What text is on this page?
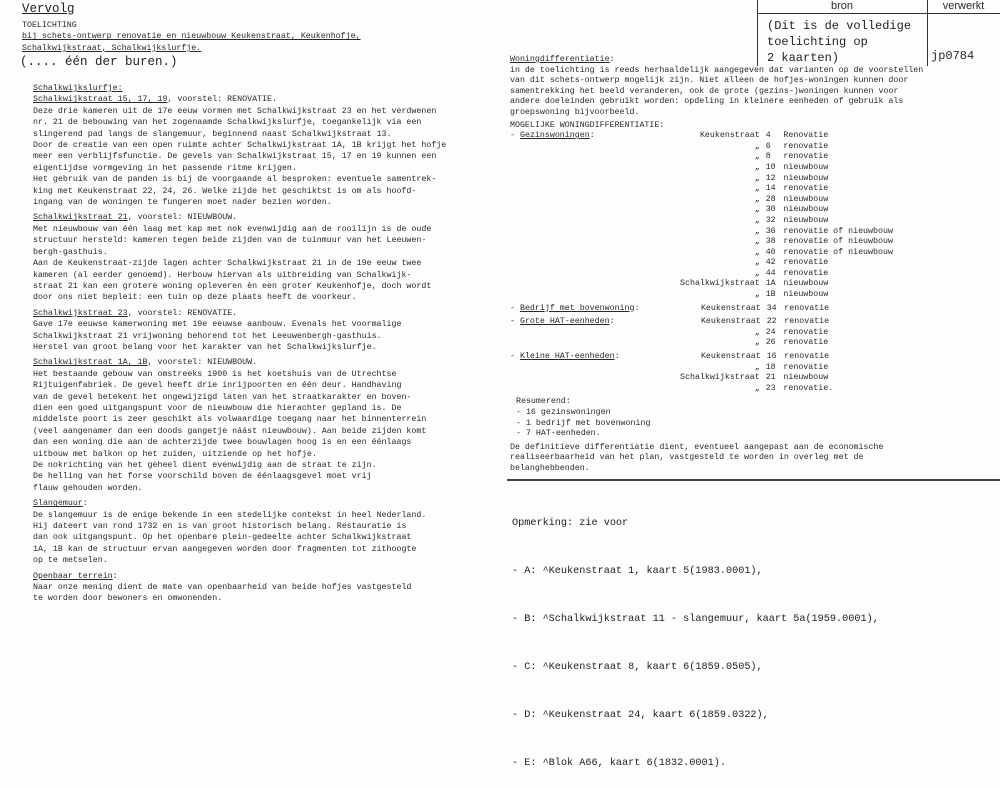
Vervolg
TOELICHTING
bij schets-ontwerp renovatie en nieuwbouw Keukenstraat, Keukenhofje,
Schalkwijkstraat, Schalkwijkslurfje.
(.... één der buren.)
bron	verwerkt
(Dit is de volledige
toelichting op
2 kaarten)	jp0784
Schalkwijkslurfje:
Schalkwijkstraat 15, 17, 19, voorstel: RENOVATIE.
Deze drie kameren uit de 17e eeuw vormen met Schalkwijkstraat 23 en het verdwenen
nr. 21 de bebouwing van het zogenaamde Schalkwijkslurfje, toegankelijk via een
slingerend pad langs de slangemuur, beginnend naast Schalkwijkstraat 13.
Door de creatie van een open ruimte achter Schalkwijkstraat 1A, 1B krijgt het hofje
meer een verblijfsfunctie. De gevels van Schalkwijkstraat 15, 17 en 19 kunnen een
eigentijdse vormgeving in het passende ritme krijgen.
Het gebruik van de panden is bij de voorgaande al besproken: eventuele samentrek-
king met Keukenstraat 22, 24, 26. Welke zijde het geschiktst is om als hoofd-
ingang van de woningen te fungeren moet nader bezien worden.
Schalkwijkstraat 21, voorstel: NIEUWBOUW.
Met nieuwbouw van één laag met kap met nok evenwijdig aan de rooilijn is de oude
structuur hersteld: kameren tegen beide zijden van de tuinmuur van het Leeuwen-
bergh-gasthuis.
Aan de Keukenstraat-zijde lagen achter Schalkwijkstraat 21 in de 19e eeuw twee
kameren (al eerder genoemd). Herbouw hiervan als uitbreiding van Schalkwijk-
straat 21 kan een grotere woning opleveren èn een groter Keukenhofje, doch wordt
door ons niet bepleit: een tuin op deze plaats heeft de voorkeur.
Schalkwijkstraat 23, voorstel: RENOVATIE.
Gave 17e eeuwse kamerwoning met 19e eeuwse aanbouw. Evenals het voormalige
Schalkwijkstraat 21 vrijwoning behorend tot het Leeuwenbergh-gasthuis.
Herstel van groot belang voor het karakter van het Schalkwijkslurfje.
Schalkwijkstraat 1A, 1B, voorstel: NIEUWBOUW.
Het bestaande gebouw van omstreeks 1900 is het koetshuis van de Utrechtse
Rijtuigenfabriek. De gevel heeft drie inrijpoorten en één deur. Handhaving
van de gevel betekent het ongewijzigd laten van het straatkarakter en boven-
dien een goed uitgangspunt voor de nieuwbouw die hierachter gepland is. De
middelste poort is zeer geschikt als volwaardige toegang naar het binnenterrein
(veel aangenamer dan een doods gangetje náást nieuwbouw). Aan beide zijden komt
dan een woning die aan de achterzijde twee bouwlagen hoog is en een éénlaags
uitbouw met balkon op het zuiden, uitziende op het hofje.
De nokrichting van het geheel dient evenwijdig aan de straat te zijn.
De helling van het forse voorschild boven de éénlaagsgevel moet vrij
flauw gehouden worden.
Slangemuur:
De slangemuur is de enige bekende in een stedelijke contekst in heel Nederland.
Hij dateert van rond 1732 en is van groot historisch belang. Restauratie is
dan ook uitgangspunt. Op het openbare plein-gedeelte achter Schalkwijkstraat
1A, 1B kan de structuur ervan aangegeven worden door fragmenten tot zithoogte
op te metselen.
Openbaar terrein:
Naar onze mening dient de mate van openbaarheid van beide hofjes vastgesteld
te worden door bewoners en omwonenden.
Woningdifferentiatie:
in de toelichting is reeds herhaaldelijk aangegeven dat varianten op de voorstellen
van dit schets-ontwerp mogelijk zijn. Niet alleen de hofjes-woningen kunnen door
samentrekking het beeld veranderen, ook de grote (gezins-)woningen kunnen voor
andere doeleinden gebruikt worden: opdeling in kleinere eenheden of gebruik als
groepswoning bijvoorbeeld.
MOGELIJKE WONINGDIFFERENTIATIE:
- Gezinswoningen:	Keukenstraat 4	Renovatie
„ 6	renovatie
„ 8	renovatie
„ 10 nieuwbouw
„ 12 nieuwbouw
„ 14 renovatie
„ 28 nieuwbouw
„ 30 nieuwbouw
„ 32 nieuwbouw
„ 36 renovatie of nieuwbouw
„ 38 renovatie of nieuwbouw
„ 40 renovatie of nieuwbouw
„ 42 renovatie
„ 44 renovatie
Schalkwijkstraat 1A nieuwbouw
„ 1B nieuwbouw
- Bedrijf met bovenwoning:	Keukenstraat 34 renovatie
- Grote HAT-eenheden:	Keukenstraat 22 renovatie
„ 24 renovatie
„ 26 renovatie
- Kleine HAT-eenheden:	Keukenstraat 16 renovatie
„ 18 renovatie
Schalkwijkstraat 21 nieuwbouw
„ 23 renovatie.
Resumerend:
- 16 gezinswoningen
- 1 bedrijf met bovenwoning
- 7 HAT-eenheden.
De definitieve differentiatie dient, eventueel aangepast aan de economische
realiseerbaarheid van het plan, vastgesteld te worden in overleg met de
belanghebbenden.

Opmerking: zie voor

- A: ^Keukenstraat 1, kaart 5(1983.0001),

- B: ^Schalkwijkstraat 11 - slangemuur, kaart 5a(1959.0001),

- C: ^Keukenstraat 8, kaart 6(1859.0505),

- D: ^Keukenstraat 24, kaart 6(1859.0322),

- E: ^Blok A66, kaart 6(1832.0001).
